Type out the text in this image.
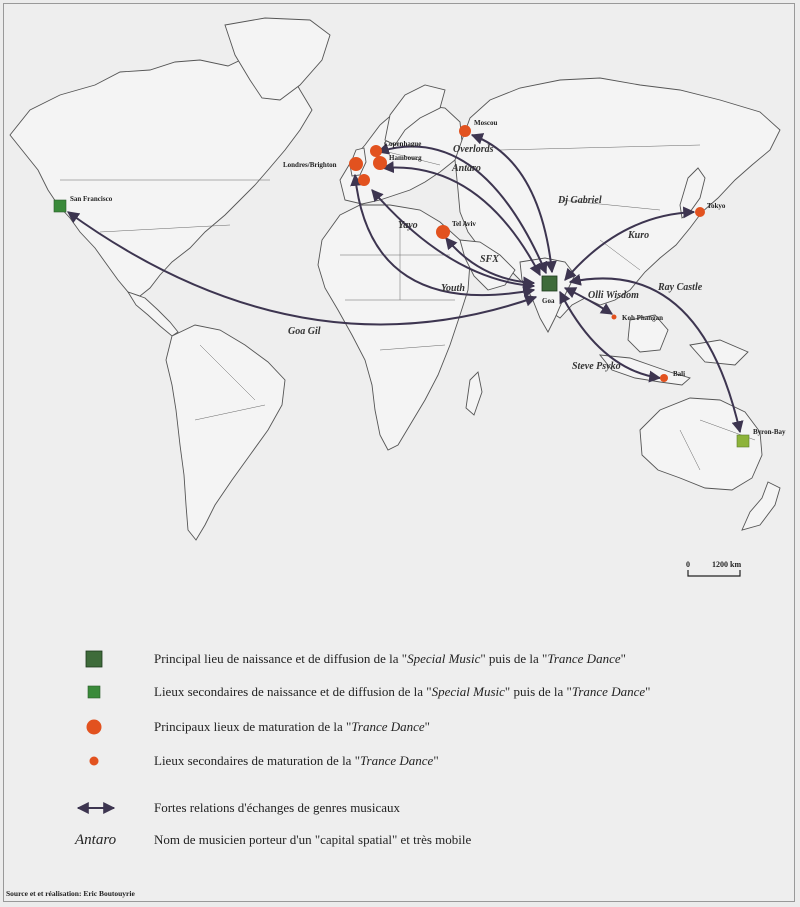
San Francisco
Moscou
Copenhague
Hambourg
Londres/Brighton
Tel Aviv
Goa
Tokyo
Koh Phangan
Bali
Byron-Bay
Overlords
Antaro
Dj Gabriel
Kuro
Yayo
SFX
Youth
Goa Gil
Ray Castle
Olli Wisdom
Steve Psyko
0	1200 km
Principal lieu de naissance et de diffusion de la "Special Music" puis de la "Trance Dance"
Lieux secondaires de naissance et de diffusion de la "Special Music" puis de la "Trance Dance"
Principaux lieux de maturation de la "Trance Dance"
Lieux secondaires de maturation de la "Trance Dance"
Fortes relations d'échanges de genres musicaux
Antaro	Nom de musicien porteur d'un "capital spatial" et très mobile
Source et et réalisation: Eric Boutouyrie
